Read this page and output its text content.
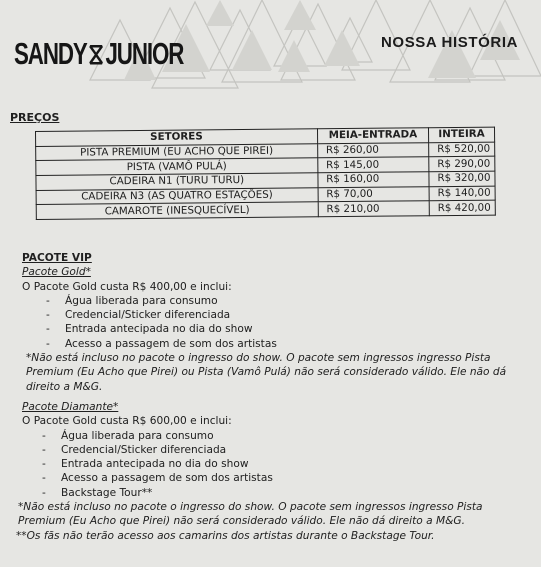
SANDY⧖JUNIOR	NOSSA HISTÓRIA
PREÇOS
SETORES	MEIA-ENTRADA	INTEIRA
PISTA PREMIUM (EU ACHO QUE PIREI)	R$ 260,00	R$ 520,00
PISTA (VAMÔ PULÁ)	R$ 145,00	R$ 290,00
CADEIRA N1 (TURU TURU)	R$ 160,00	R$ 320,00
CADEIRA N3 (AS QUATRO ESTAÇÕES)	R$ 70,00	R$ 140,00
CAMAROTE (INESQUECÍVEL)	R$ 210,00	R$ 420,00
PACOTE VIP
Pacote Gold*
O Pacote Gold custa R$ 400,00 e inclui:
- Água liberada para consumo
- Credencial/Sticker diferenciada
- Entrada antecipada no dia do show
- Acesso a passagem de som dos artistas
*Não está incluso no pacote o ingresso do show. O pacote sem ingressos ingresso Pista Premium (Eu Acho que Pirei) ou Pista (Vamô Pulá) não será considerado válido. Ele não dá direito a M&G.
Pacote Diamante*
O Pacote Gold custa R$ 600,00 e inclui:
- Água liberada para consumo
- Credencial/Sticker diferenciada
- Entrada antecipada no dia do show
- Acesso a passagem de som dos artistas
- Backstage Tour**
*Não está incluso no pacote o ingresso do show. O pacote sem ingressos ingresso Pista Premium (Eu Acho que Pirei) não será considerado válido. Ele não dá direito a M&G.
**Os fãs não terão acesso aos camarins dos artistas durante o Backstage Tour.
